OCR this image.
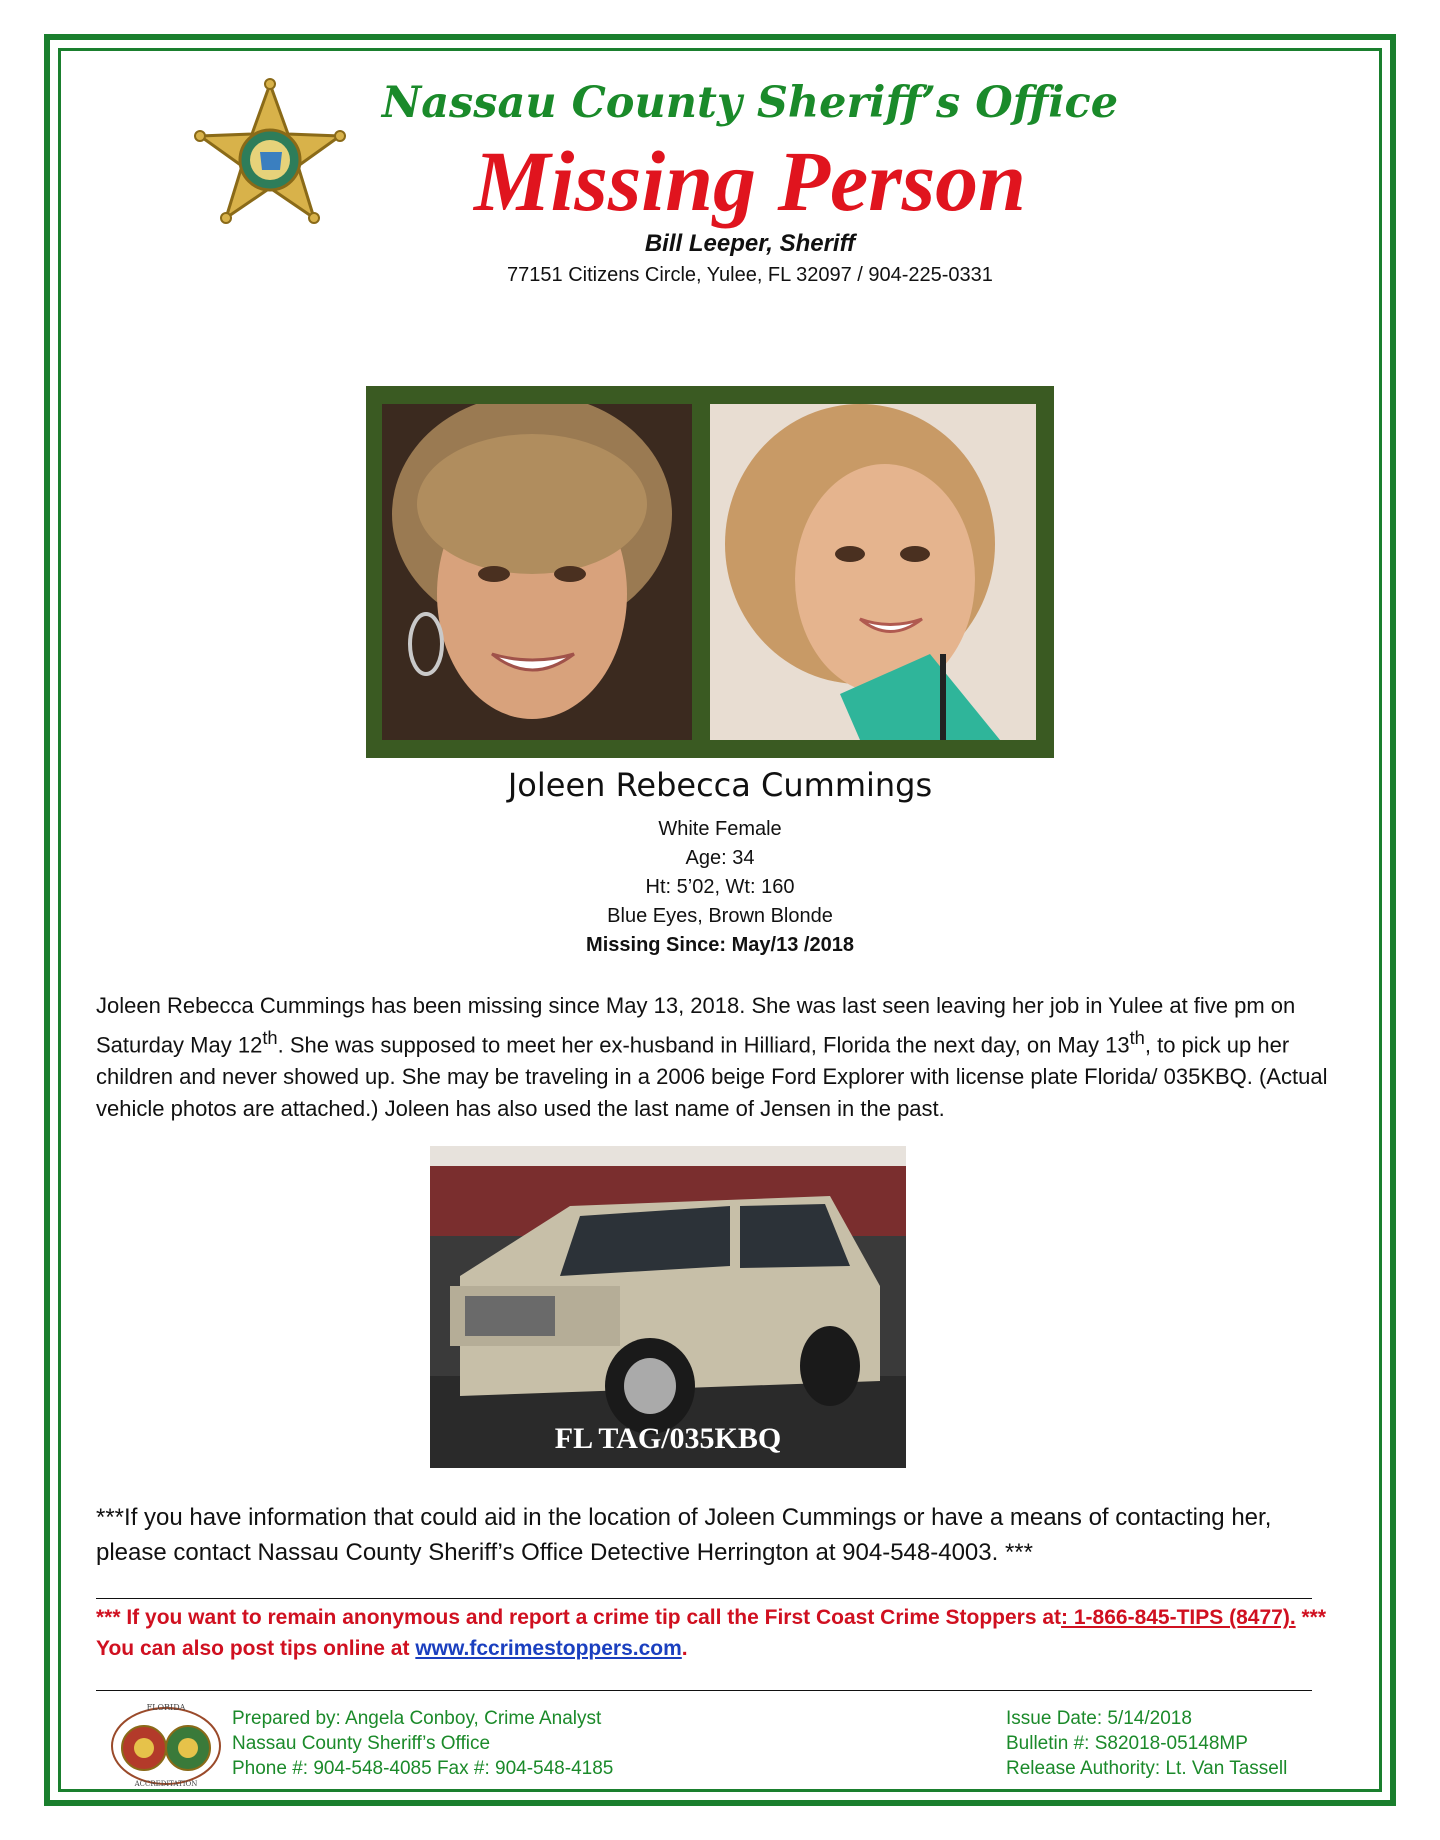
Nassau County Sheriff’s Office
Missing Person
Bill Leeper, Sheriff
77151 Citizens Circle, Yulee, FL 32097 / 904-225-0331
Joleen Rebecca Cummings
White Female
Age: 34
Ht: 5’02, Wt: 160
Blue Eyes, Brown Blonde
Missing Since: May/13 /2018
Joleen Rebecca Cummings has been missing since May 13, 2018. She was last seen leaving her job in Yulee at five pm on Saturday May 12th. She was supposed to meet her ex-husband in Hilliard, Florida the next day, on May 13th, to pick up her children and never showed up. She may be traveling in a 2006 beige Ford Explorer with license plate Florida/ 035KBQ. (Actual vehicle photos are attached.) Joleen has also used the last name of Jensen in the past.
FL TAG/035KBQ
***If you have information that could aid in the location of Joleen Cummings or have a means of contacting her, please contact Nassau County Sheriff’s Office Detective Herrington at 904-548-4003. ***
*** If you want to remain anonymous and report a crime tip call the First Coast Crime Stoppers at: 1-866-845-TIPS (8477). *** You can also post tips online at www.fccrimestoppers.com.
FLORIDA
ACCREDITATION
Prepared by: Angela Conboy, Crime Analyst
Nassau County Sheriff’s Office
Phone #: 904-548-4085 Fax #: 904-548-4185
Issue Date: 5/14/2018
Bulletin #: S82018-05148MP
Release Authority: Lt. Van Tassell
